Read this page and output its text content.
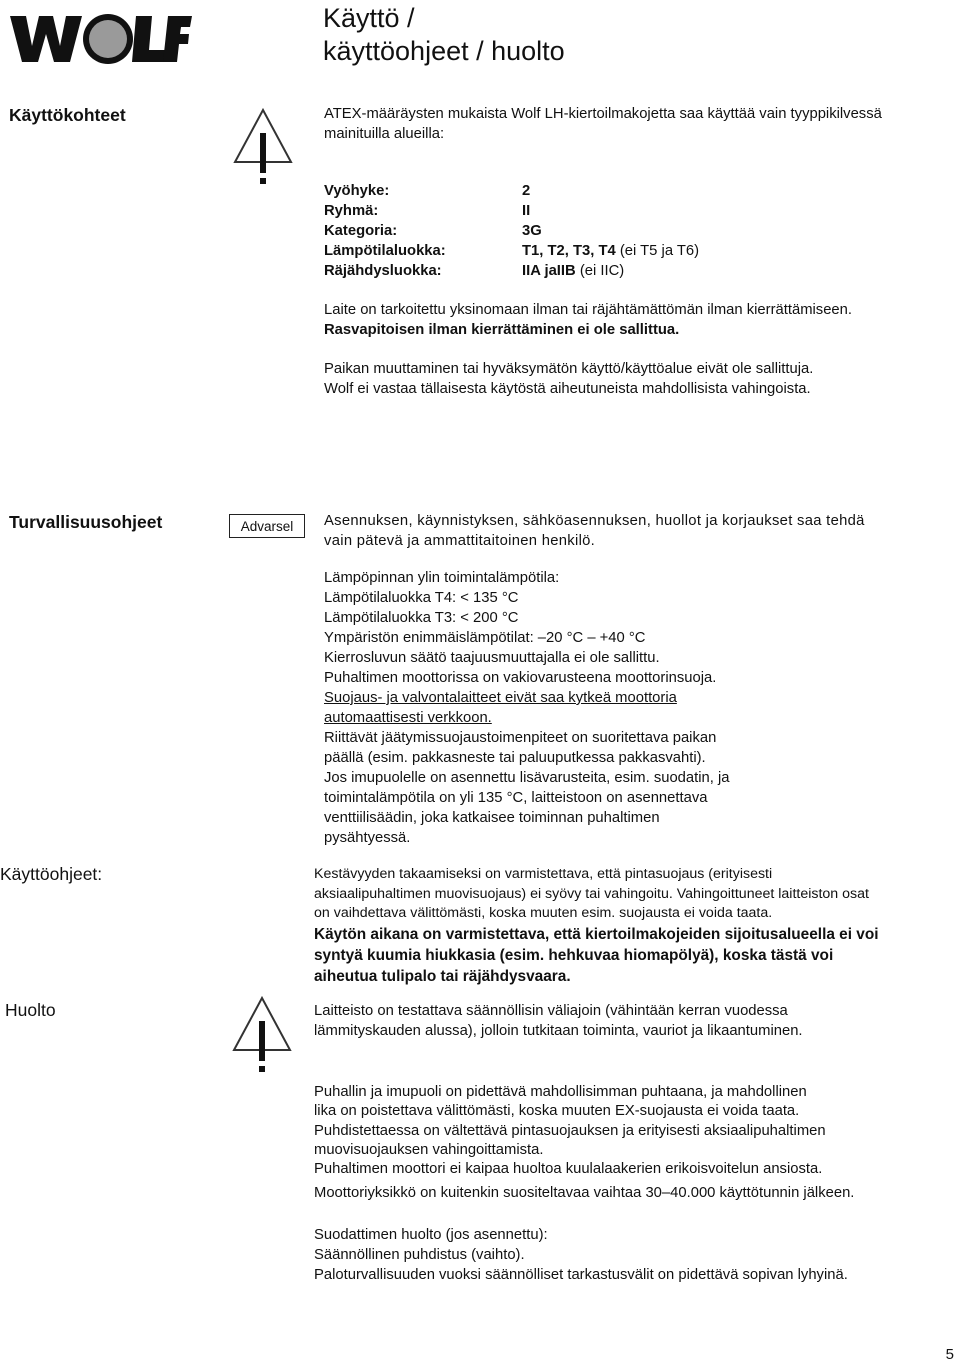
WOLF	Käyttö /
käyttöohjeet / huolto
Käyttökohteet	ATEX-määräysten mukaista Wolf LH-kiertoilmakojetta saa käyttää vain tyyppikilvessä

mainituilla alueilla:

Vyöhyke:	2
Ryhmä:	II
Kategoria:	3G
Lämpötilaluokka:	T1, T2, T3, T4 (ei T5 ja T6)
Räjähdysluokka:	IIA jaIIB (ei IIC)

Laite on tarkoitettu yksinomaan ilman tai räjähtämättömän ilman kierrättämiseen.

Rasvapitoisen ilman kierrättäminen ei ole sallittua.

Paikan muuttaminen tai hyväksymätön käyttö/käyttöalue eivät ole sallittuja.

Wolf ei vastaa tällaisesta käytöstä aiheutuneista mahdollisista vahingoista.

Turvallisuusohjeet	Advarsel	Asennuksen, käynnistyksen, sähköasennuksen, huollot ja korjaukset saa tehdä

vain pätevä ja ammattitaitoinen henkilö.

Lämpöpinnan ylin toimintalämpötila:

Lämpötilaluokka T4: < 135 °C

Lämpötilaluokka T3: < 200 °C

Ympäristön enimmäislämpötilat: –20 °C – +40 °C

Kierrosluvun säätö taajuusmuuttajalla ei ole sallittu.

Puhaltimen moottorissa on vakiovarusteena moottorinsuoja.

Suojaus- ja valvontalaitteet eivät saa kytkeä moottoria

automaattisesti verkkoon.

Riittävät jäätymissuojaustoimenpiteet on suoritettava paikan

päällä (esim. pakkasneste tai paluuputkessa pakkasvahti).

Jos imupuolelle on asennettu lisävarusteita, esim. suodatin, ja

toimintalämpötila on yli 135 °C, laitteistoon on asennettava

venttiilisäädin, joka katkaisee toiminnan puhaltimen

pysähtyessä.

Käyttöohjeet:	Kestävyyden takaamiseksi on varmistettava, että pintasuojaus (erityisesti

aksiaalipuhaltimen muovisuojaus) ei syövy tai vahingoitu. Vahingoittuneet laitteiston osat

on vaihdettava välittömästi, koska muuten esim. suojausta ei voida taata.

Käytön aikana on varmistettava, että kiertoilmakojeiden sijoitusalueella ei voi

syntyä kuumia hiukkasia (esim. hehkuvaa hiomapölyä), koska tästä voi

aiheutua tulipalo tai räjähdysvaara.

Huolto	Laitteisto on testattava säännöllisin väliajoin (vähintään kerran vuodessa

lämmityskauden alussa), jolloin tutkitaan toiminta, vauriot ja likaantuminen.

Puhallin ja imupuoli on pidettävä mahdollisimman puhtaana, ja mahdollinen

lika on poistettava välittömästi, koska muuten EX-suojausta ei voida taata.

Puhdistettaessa on vältettävä pintasuojauksen ja erityisesti aksiaalipuhaltimen

muovisuojauksen vahingoittamista.

Puhaltimen moottori ei kaipaa huoltoa kuulalaakerien erikoisvoitelun ansiosta.

Moottoriyksikkö on kuitenkin suositeltavaa vaihtaa 30–40.000 käyttötunnin jälkeen.

Suodattimen huolto (jos asennettu):

Säännöllinen puhdistus (vaihto).

Paloturvallisuuden vuoksi säännölliset tarkastusvälit on pidettävä sopivan lyhyinä.

5
